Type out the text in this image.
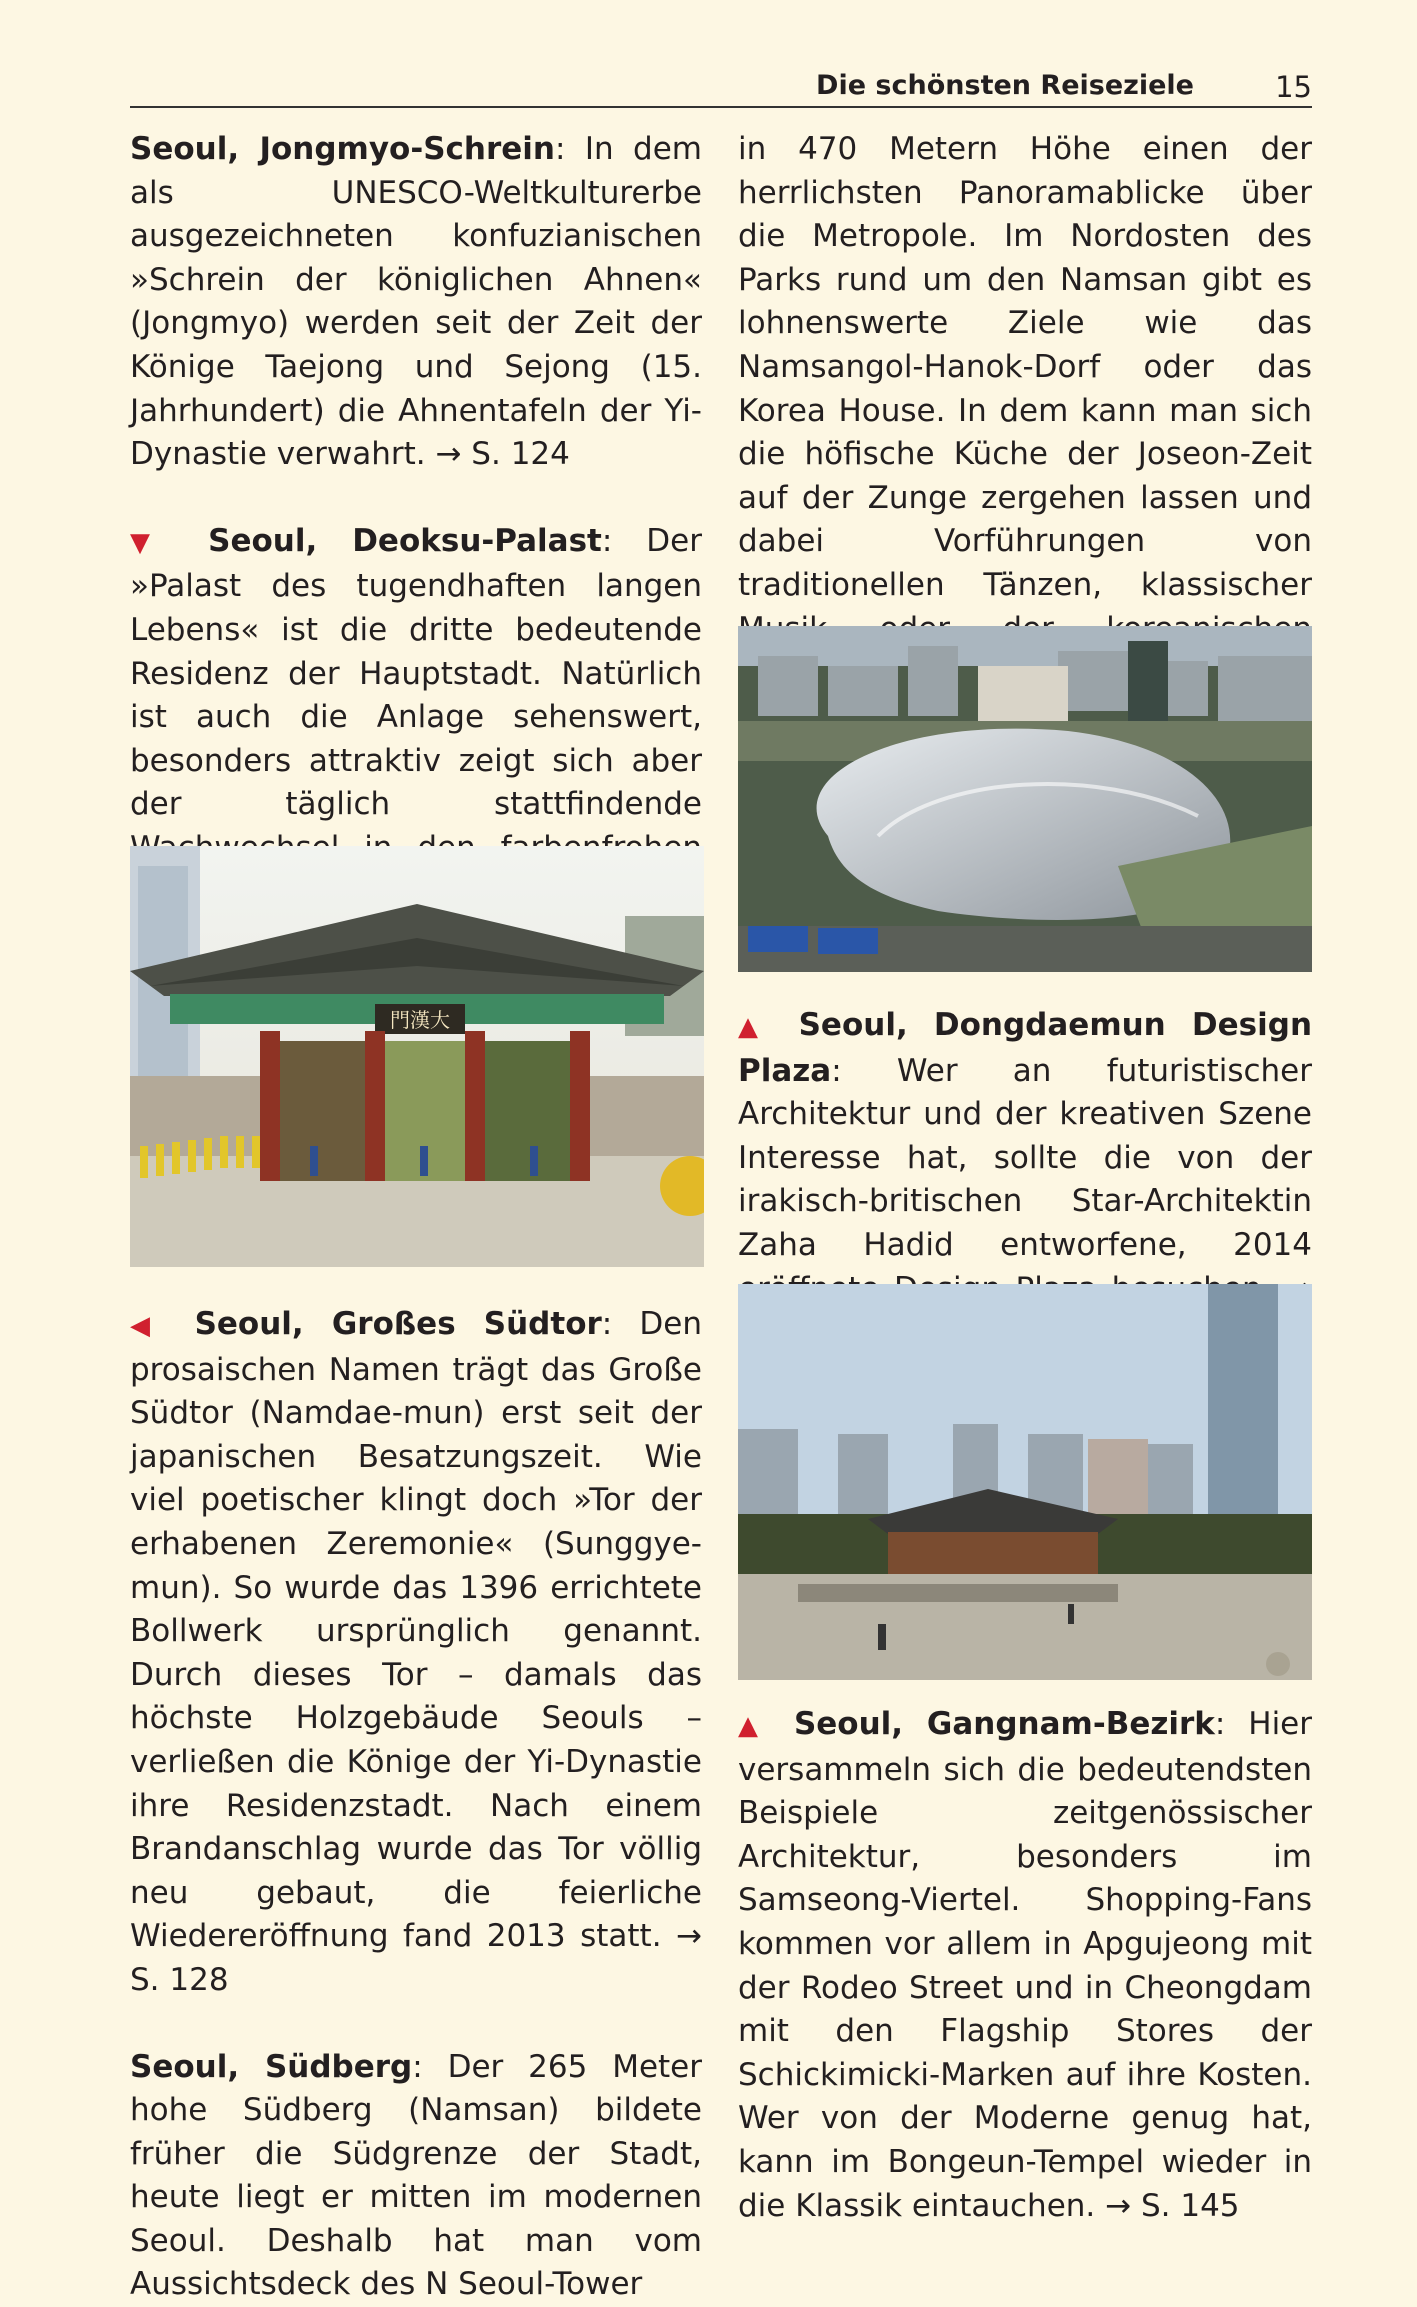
Die schönsten Reiseziele	15

Seoul, Jongmyo-Schrein: In dem als UNESCO-Weltkulturerbe ausgezeichneten konfuzianischen »Schrein der königlichen Ahnen« (Jongmyo) werden seit der Zeit der Könige Taejong und Sejong (15. Jahrhundert) die Ahnentafeln der Yi-Dynastie verwahrt. → S. 124

▼ Seoul, Deoksu-Palast: Der »Palast des tugendhaften langen Lebens« ist die dritte bedeutende Residenz der Hauptstadt. Natürlich ist auch die Anlage sehenswert, besonders attraktiv zeigt sich aber der täglich stattfindende

門漢大

◀ Seoul, Großes Südtor: Den prosaischen Namen trägt das Große Südtor (Namdae-mun) erst seit der japanischen Besatzungszeit. Wie viel poetischer klingt doch »Tor der erhabenen Zeremonie« (Sunggye-mun). So wurde das 1396 errichtete Bollwerk ursprünglich genannt. Durch dieses Tor – damals das höchste Holzgebäude Seouls – verließen die Könige der Yi-Dynastie ihre Residenzstadt. Nach einem Brandanschlag wurde das Tor völlig neu gebaut, die feierliche Wiedereröffnung fand 2013 statt. → S. 128

Seoul, Südberg: Der 265 Meter hohe Südberg (Namsan) bildete früher die Südgrenze der Stadt, heute liegt er mitten im modernen Seoul. Deshalb hat man vom Aussichtsdeck des N Seoul-Tower

in 470 Metern Höhe einen der herrlichsten Panoramablicke über die Metropole. Im Nordosten des Parks rund um den Namsan gibt es lohnenswerte Ziele wie das Namsangol-Hanok-Dorf oder das Korea House. In dem kann man sich die höfische Küche der Joseon-Zeit auf der Zunge zergehen lassen und dabei Vorführungen von traditionellen Tänzen, klassischer

▲ Seoul, Dongdaemun Design Plaza: Wer an futuristischer Architektur und der kreativen Szene Interesse hat, sollte die von der irakisch-britischen Star-Architektin Zaha Hadid entworfene, 2014

▲ Seoul, Gangnam-Bezirk: Hier versammeln sich die bedeutendsten Beispiele zeitgenössischer Architektur, besonders im Samseong-Viertel. Shopping-Fans kommen vor allem in Apgujeong mit der Rodeo Street und in Cheongdam mit den Flagship Stores der Schickimicki-Marken auf ihre Kosten. Wer von der Moderne genug hat, kann im Bongeun-Tempel wieder in die Klassik eintauchen. → S. 145
